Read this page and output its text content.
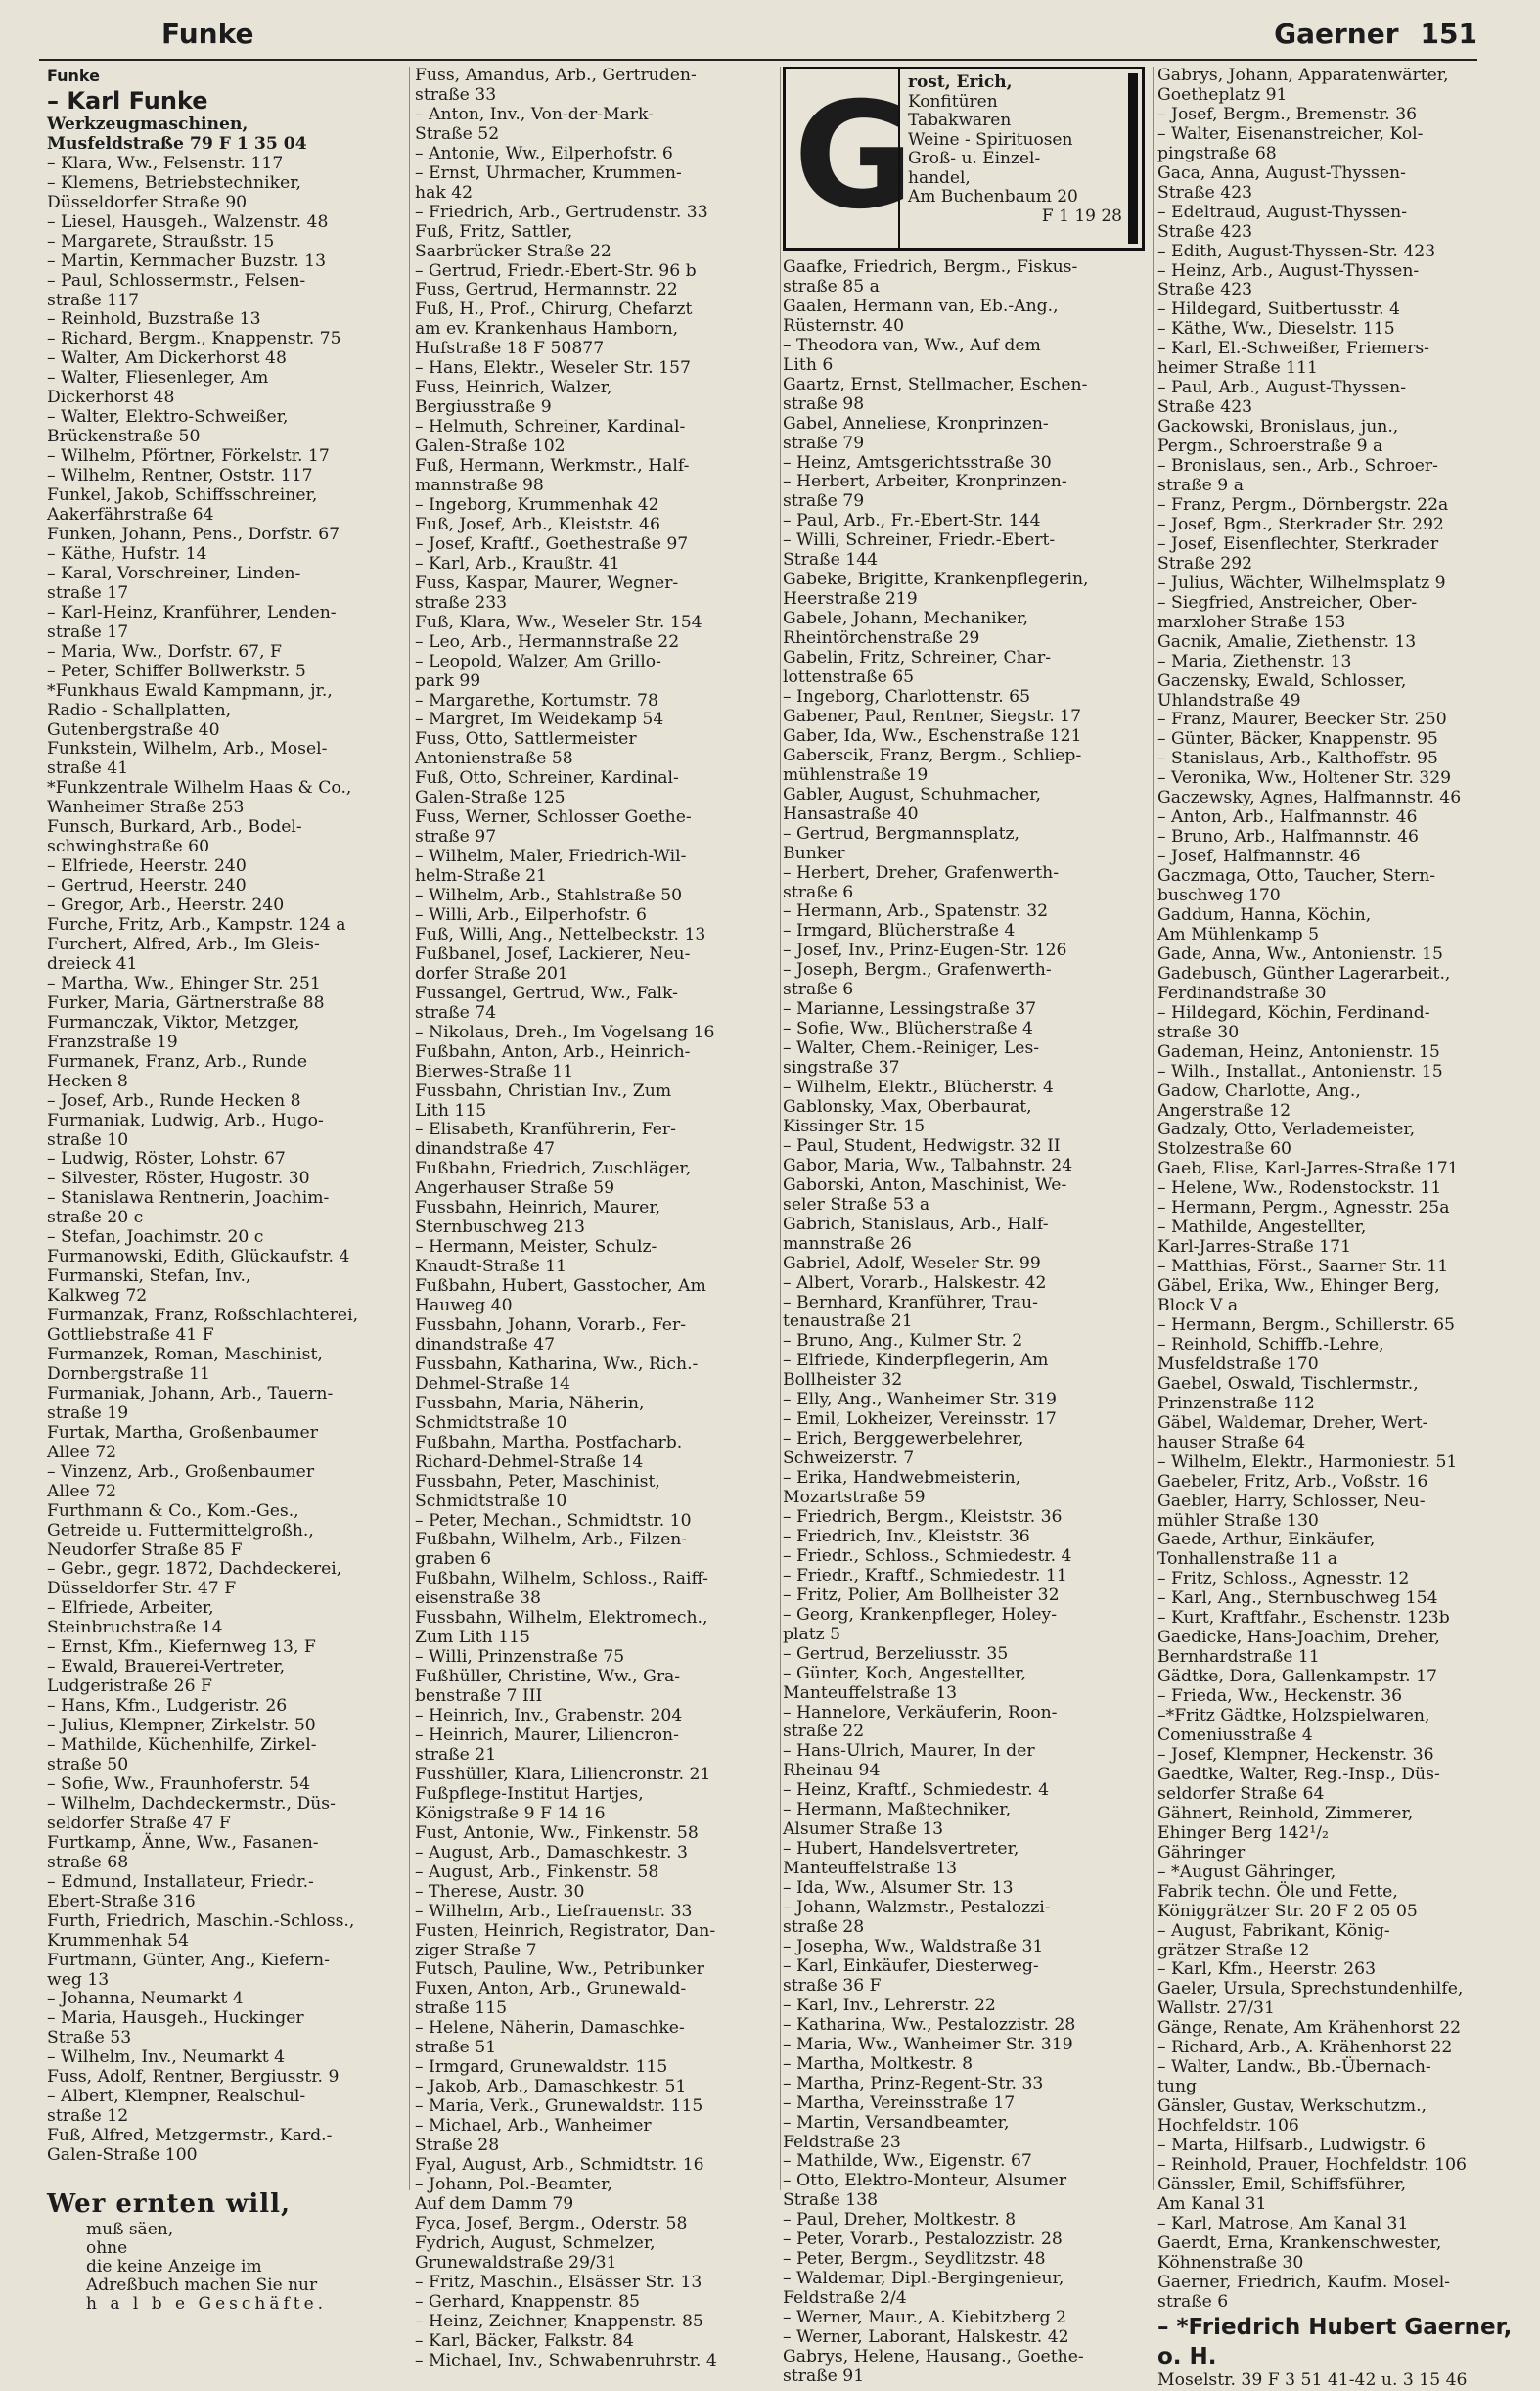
Funke	Gaerner 151
Funke
– Karl Funke
Werkzeugmaschinen,
Musfeldstraße 79 F 1 35 04
– Klara, Ww., Felsenstr. 117
– Klemens, Betriebstechniker,
Düsseldorfer Straße 90
– Liesel, Hausgeh., Walzenstr. 48
– Margarete, Straußstr. 15
– Martin, Kernmacher Buzstr. 13
– Paul, Schlossermstr., Felsen-
straße 117
– Reinhold, Buzstraße 13
– Richard, Bergm., Knappenstr. 75
– Walter, Am Dickerhorst 48
– Walter, Fliesenleger, Am
Dickerhorst 48
– Walter, Elektro-Schweißer,
Brückenstraße 50
– Wilhelm, Pförtner, Förkelstr. 17
– Wilhelm, Rentner, Oststr. 117
Funkel, Jakob, Schiffsschreiner,
Aakerfährstraße 64
Funken, Johann, Pens., Dorfstr. 67
– Käthe, Hufstr. 14
– Karal, Vorschreiner, Linden-
straße 17
– Karl-Heinz, Kranführer, Lenden-
straße 17
– Maria, Ww., Dorfstr. 67, F
– Peter, Schiffer Bollwerkstr. 5
*Funkhaus Ewald Kampmann, jr.,
Radio - Schallplatten,
Gutenbergstraße 40
Funkstein, Wilhelm, Arb., Mosel-
straße 41
*Funkzentrale Wilhelm Haas & Co.,
Wanheimer Straße 253
Funsch, Burkard, Arb., Bodel-
schwinghstraße 60
– Elfriede, Heerstr. 240
– Gertrud, Heerstr. 240
– Gregor, Arb., Heerstr. 240
Furche, Fritz, Arb., Kampstr. 124 a
Furchert, Alfred, Arb., Im Gleis-
dreieck 41
– Martha, Ww., Ehinger Str. 251
Furker, Maria, Gärtnerstraße 88
Furmanczak, Viktor, Metzger,
Franzstraße 19
Furmanek, Franz, Arb., Runde
Hecken 8
– Josef, Arb., Runde Hecken 8
Furmaniak, Ludwig, Arb., Hugo-
straße 10
– Ludwig, Röster, Lohstr. 67
– Silvester, Röster, Hugostr. 30
– Stanislawa Rentnerin, Joachim-
straße 20 c
– Stefan, Joachimstr. 20 c
Furmanowski, Edith, Glückaufstr. 4
Furmanski, Stefan, Inv.,
Kalkweg 72
Furmanzak, Franz, Roßschlachterei,
Gottliebstraße 41 F
Furmanzek, Roman, Maschinist,
Dornbergstraße 11
Furmaniak, Johann, Arb., Tauern-
straße 19
Furtak, Martha, Großenbaumer
Allee 72
– Vinzenz, Arb., Großenbaumer
Allee 72
Furthmann & Co., Kom.-Ges.,
Getreide u. Futtermittelgroßh.,
Neudorfer Straße 85 F
– Gebr., gegr. 1872, Dachdeckerei,
Düsseldorfer Str. 47 F
– Elfriede, Arbeiter,
Steinbruchstraße 14
– Ernst, Kfm., Kiefernweg 13, F
– Ewald, Brauerei-Vertreter,
Ludgeristraße 26 F
– Hans, Kfm., Ludgeristr. 26
– Julius, Klempner, Zirkelstr. 50
– Mathilde, Küchenhilfe, Zirkel-
straße 50
– Sofie, Ww., Fraunhoferstr. 54
– Wilhelm, Dachdeckermstr., Düs-
seldorfer Straße 47 F
Furtkamp, Änne, Ww., Fasanen-
straße 68
– Edmund, Installateur, Friedr.-
Ebert-Straße 316
Furth, Friedrich, Maschin.-Schloss.,
Krummenhak 54
Furtmann, Günter, Ang., Kiefern-
weg 13
– Johanna, Neumarkt 4
– Maria, Hausgeh., Huckinger
Straße 53
– Wilhelm, Inv., Neumarkt 4
Fuss, Adolf, Rentner, Bergiusstr. 9
– Albert, Klempner, Realschul-
straße 12
Fuß, Alfred, Metzgermstr., Kard.-
Galen-Straße 100
Wer ernten will,
muß säen,
ohne
die keine Anzeige im
Adreßbuch machen Sie nur
h a l b e Geschäfte.
Fuss, Amandus, Arb., Gertruden-
straße 33
– Anton, Inv., Von-der-Mark-
Straße 52
– Antonie, Ww., Eilperhofstr. 6
– Ernst, Uhrmacher, Krummen-
hak 42
– Friedrich, Arb., Gertrudenstr. 33
Fuß, Fritz, Sattler,
Saarbrücker Straße 22
– Gertrud, Friedr.-Ebert-Str. 96 b
Fuss, Gertrud, Hermannstr. 22
Fuß, H., Prof., Chirurg, Chefarzt
am ev. Krankenhaus Hamborn,
Hufstraße 18 F 50877
– Hans, Elektr., Weseler Str. 157
Fuss, Heinrich, Walzer,
Bergiusstraße 9
– Helmuth, Schreiner, Kardinal-
Galen-Straße 102
Fuß, Hermann, Werkmstr., Half-
mannstraße 98
– Ingeborg, Krummenhak 42
Fuß, Josef, Arb., Kleiststr. 46
– Josef, Kraftf., Goethestraße 97
– Karl, Arb., Kraußtr. 41
Fuss, Kaspar, Maurer, Wegner-
straße 233
Fuß, Klara, Ww., Weseler Str. 154
– Leo, Arb., Hermannstraße 22
– Leopold, Walzer, Am Grillo-
park 99
– Margarethe, Kortumstr. 78
– Margret, Im Weidekamp 54
Fuss, Otto, Sattlermeister
Antonienstraße 58
Fuß, Otto, Schreiner, Kardinal-
Galen-Straße 125
Fuss, Werner, Schlosser Goethe-
straße 97
– Wilhelm, Maler, Friedrich-Wil-
helm-Straße 21
– Wilhelm, Arb., Stahlstraße 50
– Willi, Arb., Eilperhofstr. 6
Fuß, Willi, Ang., Nettelbeckstr. 13
Fußbanel, Josef, Lackierer, Neu-
dorfer Straße 201
Fussangel, Gertrud, Ww., Falk-
straße 74
– Nikolaus, Dreh., Im Vogelsang 16
Fußbahn, Anton, Arb., Heinrich-
Bierwes-Straße 11
Fussbahn, Christian Inv., Zum
Lith 115
– Elisabeth, Kranführerin, Fer-
dinandstraße 47
Fußbahn, Friedrich, Zuschläger,
Angerhauser Straße 59
Fussbahn, Heinrich, Maurer,
Sternbuschweg 213
– Hermann, Meister, Schulz-
Knaudt-Straße 11
Fußbahn, Hubert, Gasstocher, Am
Hauweg 40
Fussbahn, Johann, Vorarb., Fer-
dinandstraße 47
Fussbahn, Katharina, Ww., Rich.-
Dehmel-Straße 14
Fussbahn, Maria, Näherin,
Schmidtstraße 10
Fußbahn, Martha, Postfacharb.
Richard-Dehmel-Straße 14
Fussbahn, Peter, Maschinist,
Schmidtstraße 10
– Peter, Mechan., Schmidtstr. 10
Fußbahn, Wilhelm, Arb., Filzen-
graben 6
Fußbahn, Wilhelm, Schloss., Raiff-
eisenstraße 38
Fussbahn, Wilhelm, Elektromech.,
Zum Lith 115
– Willi, Prinzenstraße 75
Fußhüller, Christine, Ww., Gra-
benstraße 7 III
– Heinrich, Inv., Grabenstr. 204
– Heinrich, Maurer, Liliencron-
straße 21
Fusshüller, Klara, Liliencronstr. 21
Fußpflege-Institut Hartjes,
Königstraße 9 F 14 16
Fust, Antonie, Ww., Finkenstr. 58
– August, Arb., Damaschkestr. 3
– August, Arb., Finkenstr. 58
– Therese, Austr. 30
– Wilhelm, Arb., Liefrauenstr. 33
Fusten, Heinrich, Registrator, Dan-
ziger Straße 7
Futsch, Pauline, Ww., Petribunker
Fuxen, Anton, Arb., Grunewald-
straße 115
– Helene, Näherin, Damaschke-
straße 51
– Irmgard, Grunewaldstr. 115
– Jakob, Arb., Damaschkestr. 51
– Maria, Verk., Grunewaldstr. 115
– Michael, Arb., Wanheimer
Straße 28
Fyal, August, Arb., Schmidtstr. 16
– Johann, Pol.-Beamter,
Auf dem Damm 79
Fyca, Josef, Bergm., Oderstr. 58
Fydrich, August, Schmelzer,
Grunewaldstraße 29/31
– Fritz, Maschin., Elsässer Str. 13
– Gerhard, Knappenstr. 85
– Heinz, Zeichner, Knappenstr. 85
– Karl, Bäcker, Falkstr. 84
– Michael, Inv., Schwabenruhrstr. 4
G
rost, Erich,
Konfitüren
Tabakwaren
Weine - Spirituosen
Groß- u. Einzel-
handel,
Am Buchenbaum 20
F 1 19 28
Gaafke, Friedrich, Bergm., Fiskus-
straße 85 a
Gaalen, Hermann van, Eb.-Ang.,
Rüsternstr. 40
– Theodora van, Ww., Auf dem
Lith 6
Gaartz, Ernst, Stellmacher, Eschen-
straße 98
Gabel, Anneliese, Kronprinzen-
straße 79
– Heinz, Amtsgerichtsstraße 30
– Herbert, Arbeiter, Kronprinzen-
straße 79
– Paul, Arb., Fr.-Ebert-Str. 144
– Willi, Schreiner, Friedr.-Ebert-
Straße 144
Gabeke, Brigitte, Krankenpflegerin,
Heerstraße 219
Gabele, Johann, Mechaniker,
Rheintörchenstraße 29
Gabelin, Fritz, Schreiner, Char-
lottenstraße 65
– Ingeborg, Charlottenstr. 65
Gabener, Paul, Rentner, Siegstr. 17
Gaber, Ida, Ww., Eschenstraße 121
Gaberscik, Franz, Bergm., Schliep-
mühlenstraße 19
Gabler, August, Schuhmacher,
Hansastraße 40
– Gertrud, Bergmannsplatz,
Bunker
– Herbert, Dreher, Grafenwerth-
straße 6
– Hermann, Arb., Spatenstr. 32
– Irmgard, Blücherstraße 4
– Josef, Inv., Prinz-Eugen-Str. 126
– Joseph, Bergm., Grafenwerth-
straße 6
– Marianne, Lessingstraße 37
– Sofie, Ww., Blücherstraße 4
– Walter, Chem.-Reiniger, Les-
singstraße 37
– Wilhelm, Elektr., Blücherstr. 4
Gablonsky, Max, Oberbaurat,
Kissinger Str. 15
– Paul, Student, Hedwigstr. 32 II
Gabor, Maria, Ww., Talbahnstr. 24
Gaborski, Anton, Maschinist, We-
seler Straße 53 a
Gabrich, Stanislaus, Arb., Half-
mannstraße 26
Gabriel, Adolf, Weseler Str. 99
– Albert, Vorarb., Halskestr. 42
– Bernhard, Kranführer, Trau-
tenaustraße 21
– Bruno, Ang., Kulmer Str. 2
– Elfriede, Kinderpflegerin, Am
Bollheister 32
– Elly, Ang., Wanheimer Str. 319
– Emil, Lokheizer, Vereinsstr. 17
– Erich, Berggewerbelehrer,
Schweizerstr. 7
– Erika, Handwebmeisterin,
Mozartstraße 59
– Friedrich, Bergm., Kleiststr. 36
– Friedrich, Inv., Kleiststr. 36
– Friedr., Schloss., Schmiedestr. 4
– Friedr., Kraftf., Schmiedestr. 11
– Fritz, Polier, Am Bollheister 32
– Georg, Krankenpfleger, Holey-
platz 5
– Gertrud, Berzeliusstr. 35
– Günter, Koch, Angestellter,
Manteuffelstraße 13
– Hannelore, Verkäuferin, Roon-
straße 22
– Hans-Ulrich, Maurer, In der
Rheinau 94
– Heinz, Kraftf., Schmiedestr. 4
– Hermann, Maßtechniker,
Alsumer Straße 13
– Hubert, Handelsvertreter,
Manteuffelstraße 13
– Ida, Ww., Alsumer Str. 13
– Johann, Walzmstr., Pestalozzi-
straße 28
– Josepha, Ww., Waldstraße 31
– Karl, Einkäufer, Diesterweg-
straße 36 F
– Karl, Inv., Lehrerstr. 22
– Katharina, Ww., Pestalozzistr. 28
– Maria, Ww., Wanheimer Str. 319
– Martha, Moltkestr. 8
– Martha, Prinz-Regent-Str. 33
– Martha, Vereinsstraße 17
– Martin, Versandbeamter,
Feldstraße 23
– Mathilde, Ww., Eigenstr. 67
– Otto, Elektro-Monteur, Alsumer
Straße 138
– Paul, Dreher, Moltkestr. 8
– Peter, Vorarb., Pestalozzistr. 28
– Peter, Bergm., Seydlitzstr. 48
– Waldemar, Dipl.-Bergingenieur,
Feldstraße 2/4
– Werner, Maur., A. Kiebitzberg 2
– Werner, Laborant, Halskestr. 42
Gabrys, Helene, Hausang., Goethe-
straße 91
Gabrys, Johann, Apparatenwärter,
Goetheplatz 91
– Josef, Bergm., Bremenstr. 36
– Walter, Eisenanstreicher, Kol-
pingstraße 68
Gaca, Anna, August-Thyssen-
Straße 423
– Edeltraud, August-Thyssen-
Straße 423
– Edith, August-Thyssen-Str. 423
– Heinz, Arb., August-Thyssen-
Straße 423
– Hildegard, Suitbertusstr. 4
– Käthe, Ww., Dieselstr. 115
– Karl, El.-Schweißer, Friemers-
heimer Straße 111
– Paul, Arb., August-Thyssen-
Straße 423
Gackowski, Bronislaus, jun.,
Pergm., Schroerstraße 9 a
– Bronislaus, sen., Arb., Schroer-
straße 9 a
– Franz, Pergm., Dörnbergstr. 22a
– Josef, Bgm., Sterkrader Str. 292
– Josef, Eisenflechter, Sterkrader
Straße 292
– Julius, Wächter, Wilhelmsplatz 9
– Siegfried, Anstreicher, Ober-
marxloher Straße 153
Gacnik, Amalie, Ziethenstr. 13
– Maria, Ziethenstr. 13
Gaczensky, Ewald, Schlosser,
Uhlandstraße 49
– Franz, Maurer, Beecker Str. 250
– Günter, Bäcker, Knappenstr. 95
– Stanislaus, Arb., Kalthoffstr. 95
– Veronika, Ww., Holtener Str. 329
Gaczewsky, Agnes, Halfmannstr. 46
– Anton, Arb., Halfmannstr. 46
– Bruno, Arb., Halfmannstr. 46
– Josef, Halfmannstr. 46
Gaczmaga, Otto, Taucher, Stern-
buschweg 170
Gaddum, Hanna, Köchin,
Am Mühlenkamp 5
Gade, Anna, Ww., Antonienstr. 15
Gadebusch, Günther Lagerarbeit.,
Ferdinandstraße 30
– Hildegard, Köchin, Ferdinand-
straße 30
Gademan, Heinz, Antonienstr. 15
– Wilh., Installat., Antonienstr. 15
Gadow, Charlotte, Ang.,
Angerstraße 12
Gadzaly, Otto, Verlademeister,
Stolzestraße 60
Gaeb, Elise, Karl-Jarres-Straße 171
– Helene, Ww., Rodenstockstr. 11
– Hermann, Pergm., Agnesstr. 25a
– Mathilde, Angestellter,
Karl-Jarres-Straße 171
– Matthias, Först., Saarner Str. 11
Gäbel, Erika, Ww., Ehinger Berg,
Block V a
– Hermann, Bergm., Schillerstr. 65
– Reinhold, Schiffb.-Lehre,
Musfeldstraße 170
Gaebel, Oswald, Tischlermstr.,
Prinzenstraße 112
Gäbel, Waldemar, Dreher, Wert-
hauser Straße 64
– Wilhelm, Elektr., Harmoniestr. 51
Gaebeler, Fritz, Arb., Voßstr. 16
Gaebler, Harry, Schlosser, Neu-
mühler Straße 130
Gaede, Arthur, Einkäufer,
Tonhallenstraße 11 a
– Fritz, Schloss., Agnesstr. 12
– Karl, Ang., Sternbuschweg 154
– Kurt, Kraftfahr., Eschenstr. 123b
Gaedicke, Hans-Joachim, Dreher,
Bernhardstraße 11
Gädtke, Dora, Gallenkampstr. 17
– Frieda, Ww., Heckenstr. 36
–*Fritz Gädtke, Holzspielwaren,
Comeniusstraße 4
– Josef, Klempner, Heckenstr. 36
Gaedtke, Walter, Reg.-Insp., Düs-
seldorfer Straße 64
Gähnert, Reinhold, Zimmerer,
Ehinger Berg 142¹/₂
Gähringer
– *August Gähringer,
Fabrik techn. Öle und Fette,
Königgrätzer Str. 20 F 2 05 05
– August, Fabrikant, König-
grätzer Straße 12
– Karl, Kfm., Heerstr. 263
Gaeler, Ursula, Sprechstundenhilfe,
Wallstr. 27/31
Gänge, Renate, Am Krähenhorst 22
– Richard, Arb., A. Krähenhorst 22
– Walter, Landw., Bb.-Übernach-
tung
Gänsler, Gustav, Werkschutzm.,
Hochfeldstr. 106
– Marta, Hilfsarb., Ludwigstr. 6
– Reinhold, Prauer, Hochfeldstr. 106
Gänssler, Emil, Schiffsführer,
Am Kanal 31
– Karl, Matrose, Am Kanal 31
Gaerdt, Erna, Krankenschwester,
Köhnenstraße 30
Gaerner, Friedrich, Kaufm. Mosel-
straße 6
– *Friedrich Hubert Gaerner,
o. H.
Moselstr. 39 F 3 51 41-42 u. 3 15 46
